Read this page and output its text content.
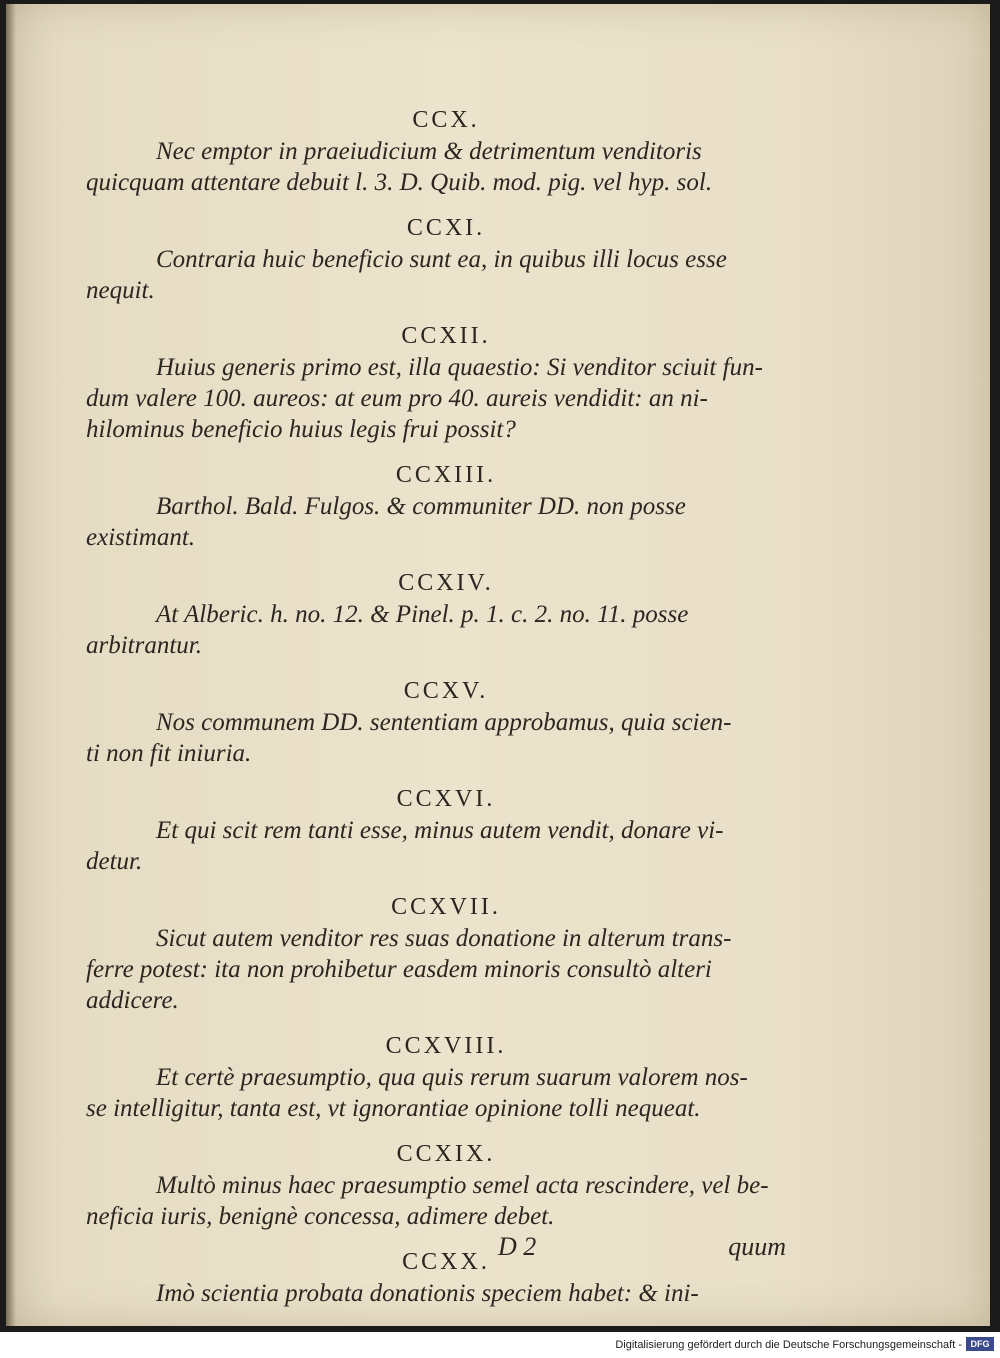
CCX.
Nec emptor in praeiudicium & detrimentum venditoris
quicquam attentare debuit l. 3. D. Quib. mod. pig. vel hyp. sol.
CCXI.
Contraria huic beneficio sunt ea, in quibus illi locus esse
nequit.
CCXII.
Huius generis primo est, illa quaestio: Si venditor sciuit fun-
dum valere 100. aureos: at eum pro 40. aureis vendidit: an ni-
hilominus beneficio huius legis frui possit?
CCXIII.
Barthol. Bald. Fulgos. & communiter DD. non posse
existimant.
CCXIV.
At Alberic. h. no. 12. & Pinel. p. 1. c. 2. no. 11. posse
arbitrantur.
CCXV.
Nos communem DD. sententiam approbamus, quia scien-
ti non fit iniuria.
CCXVI.
Et qui scit rem tanti esse, minus autem vendit, donare vi-
detur.
CCXVII.
Sicut autem venditor res suas donatione in alterum trans-
ferre potest: ita non prohibetur easdem minoris consultò alteri
addicere.
CCXVIII.
Et certè praesumptio, qua quis rerum suarum valorem nos-
se intelligitur, tanta est, vt ignorantiae opinione tolli nequeat.
CCXIX.
Multò minus haec praesumptio semel acta rescindere, vel be-
neficia iuris, benignè concessa, adimere debet.
CCXX.
Imò scientia probata donationis speciem habet: & ini-
D 2	quum
Digitalisierung gefördert durch die Deutsche Forschungsgemeinschaft - DFG
